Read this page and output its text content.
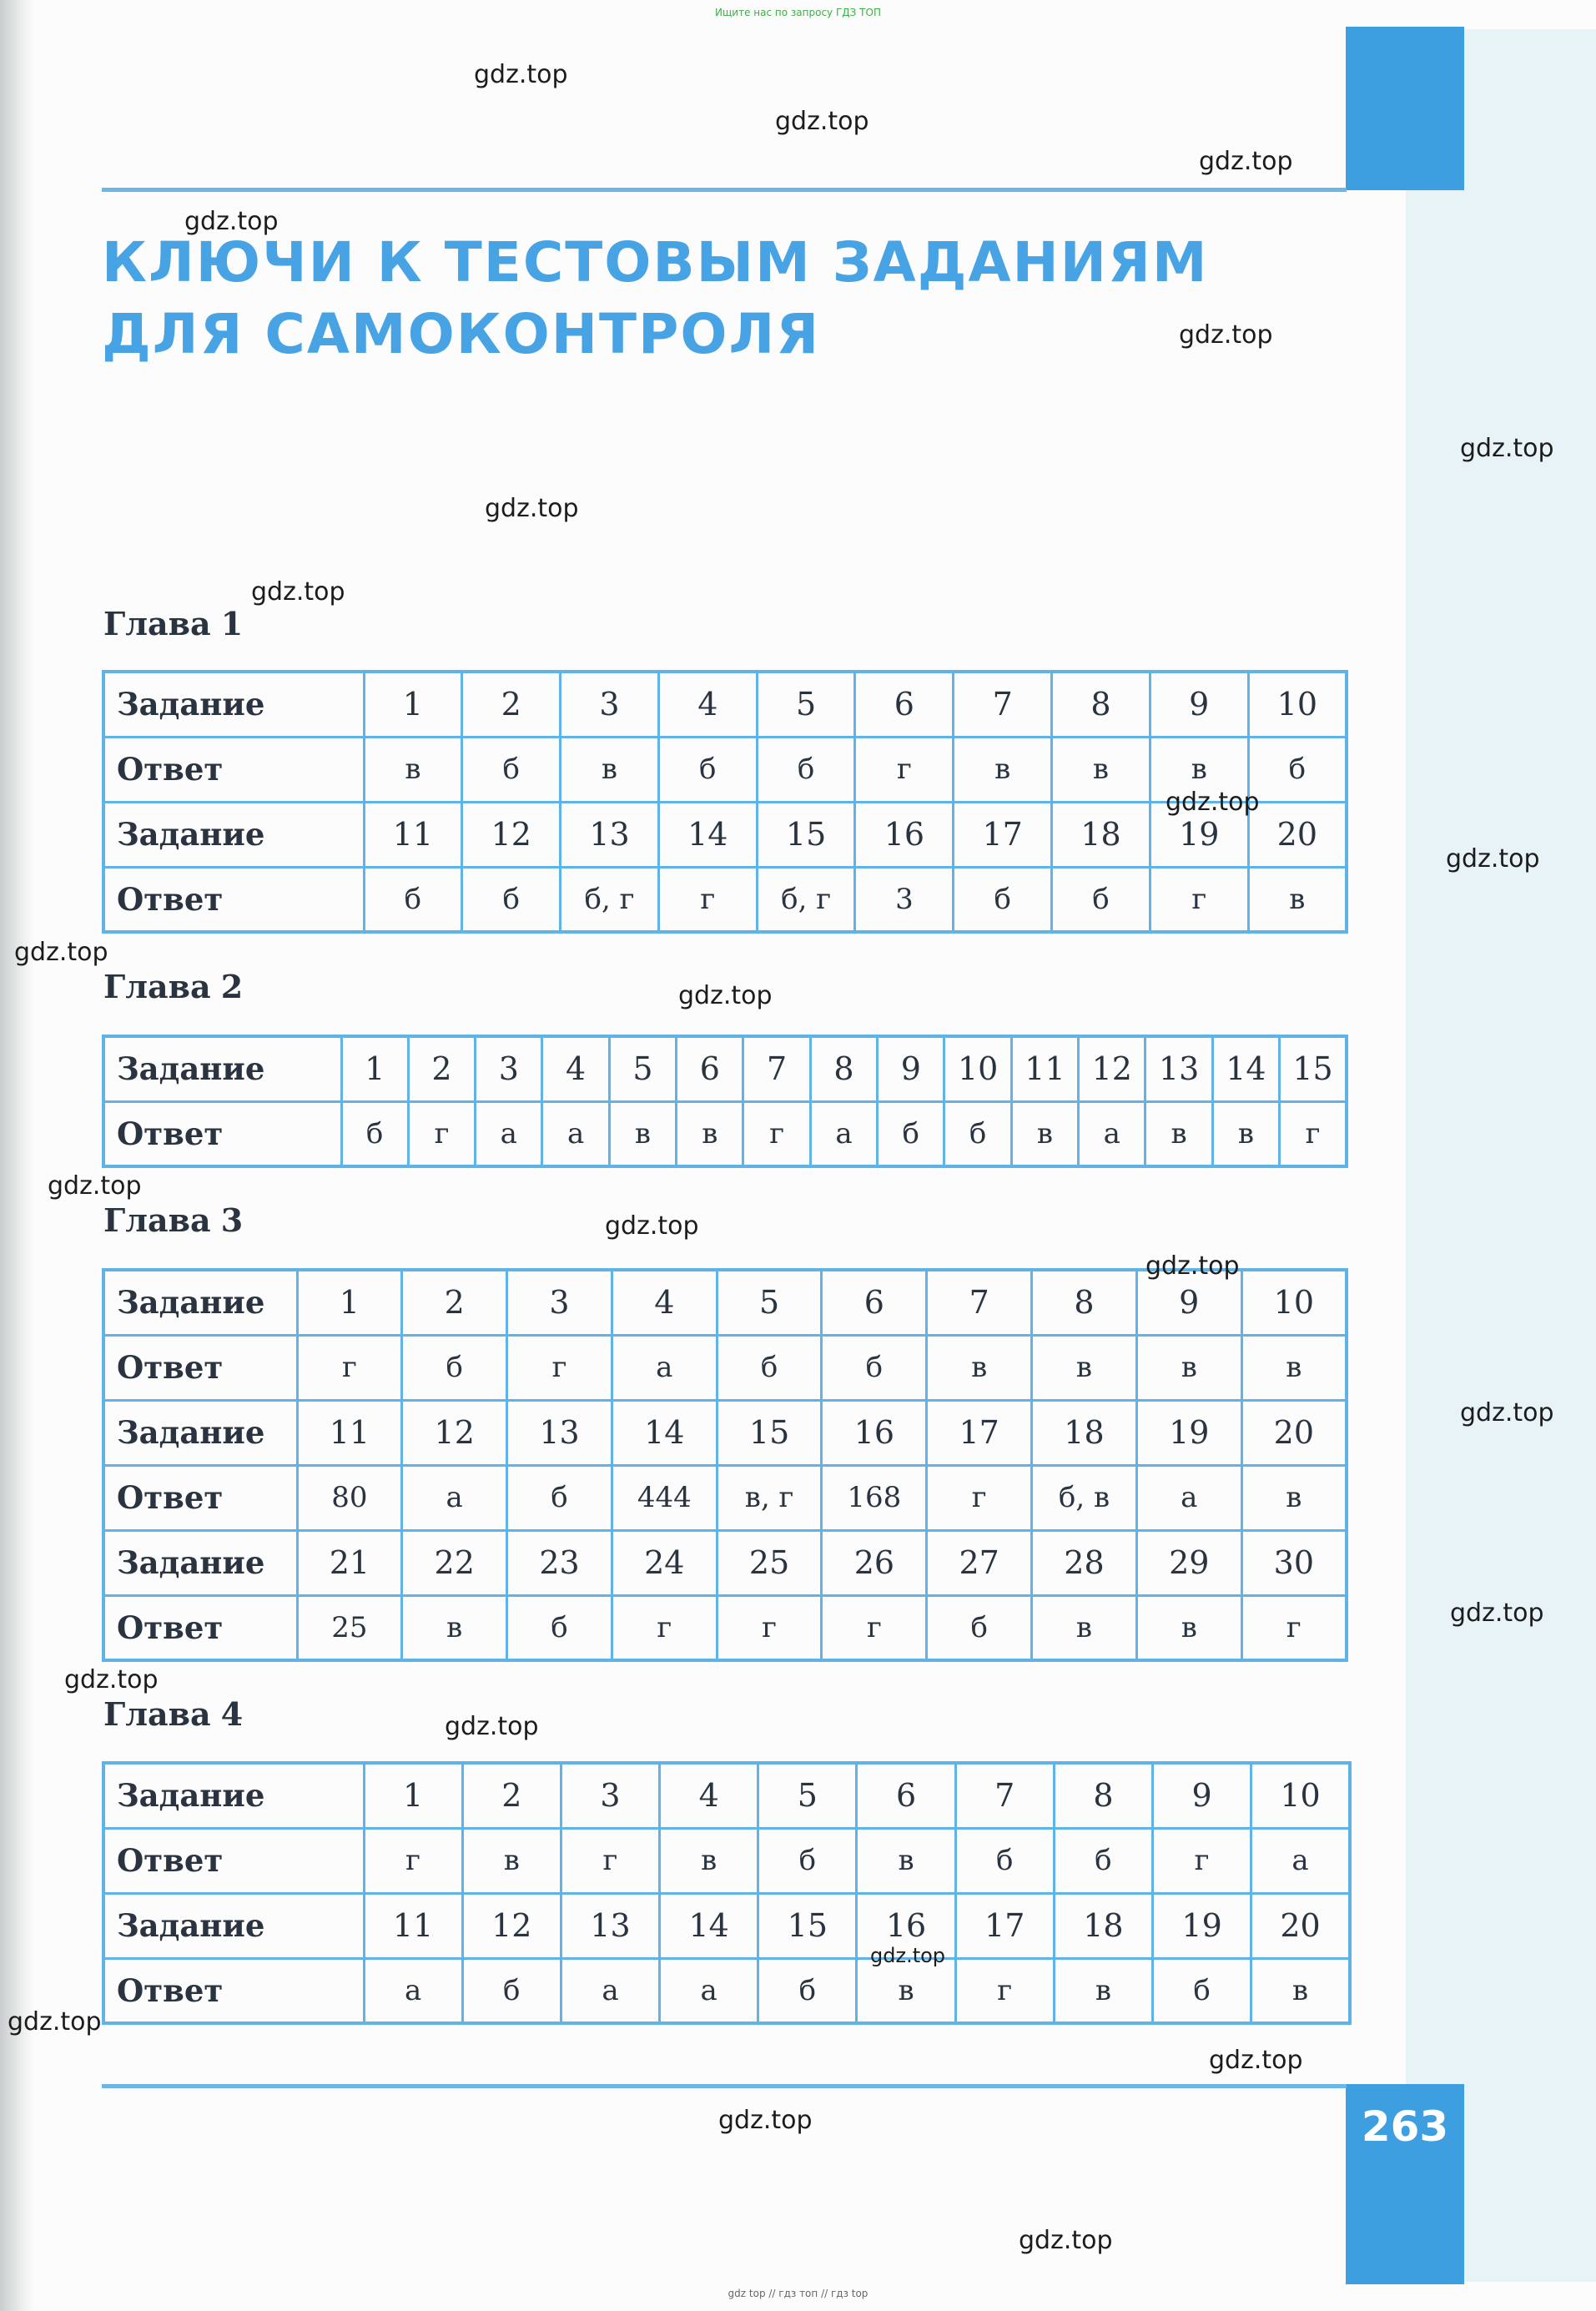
263
Ищите нас по запросу ГДЗ ТОП
gdz top // гдз топ // гдз top
КЛЮЧИ К ТЕСТОВЫМ ЗАДАНИЯМ
ДЛЯ САМОКОНТРОЛЯ
Глава 1
Задание	1	2	3	4	5	6	7	8	9	10
Ответ	в	б	в	б	б	г	в	в	в	б
Задание	11	12	13	14	15	16	17	18	19	20
Ответ	б	б	б, г	г	б, г	3	б	б	г	в
Глава 2
Задание	1	2	3	4	5	6	7	8	9	10	11	12	13	14	15
Ответ	б	г	а	а	в	в	г	а	б	б	в	а	в	в	г
Глава 3
Задание	1	2	3	4	5	6	7	8	9	10
Ответ	г	б	г	а	б	б	в	в	в	в
Задание	11	12	13	14	15	16	17	18	19	20
Ответ	80	а	б	444	в, г	168	г	б, в	а	в
Задание	21	22	23	24	25	26	27	28	29	30
Ответ	25	в	б	г	г	г	б	в	в	г
Глава 4
Задание	1	2	3	4	5	6	7	8	9	10
Ответ	г	в	г	в	б	в	б	б	г	а
Задание	11	12	13	14	15	16	17	18	19	20
Ответ	а	б	а	а	б	в	г	в	б	в
gdz.top
gdz.top
gdz.top
gdz.top
gdz.top
gdz.top
gdz.top
gdz.top
gdz.top
gdz.top
gdz.top
gdz.top
gdz.top
gdz.top
gdz.top
gdz.top
gdz.top
gdz.top
gdz.top
gdz.top
gdz.top
gdz.top
gdz.top
gdz.top
